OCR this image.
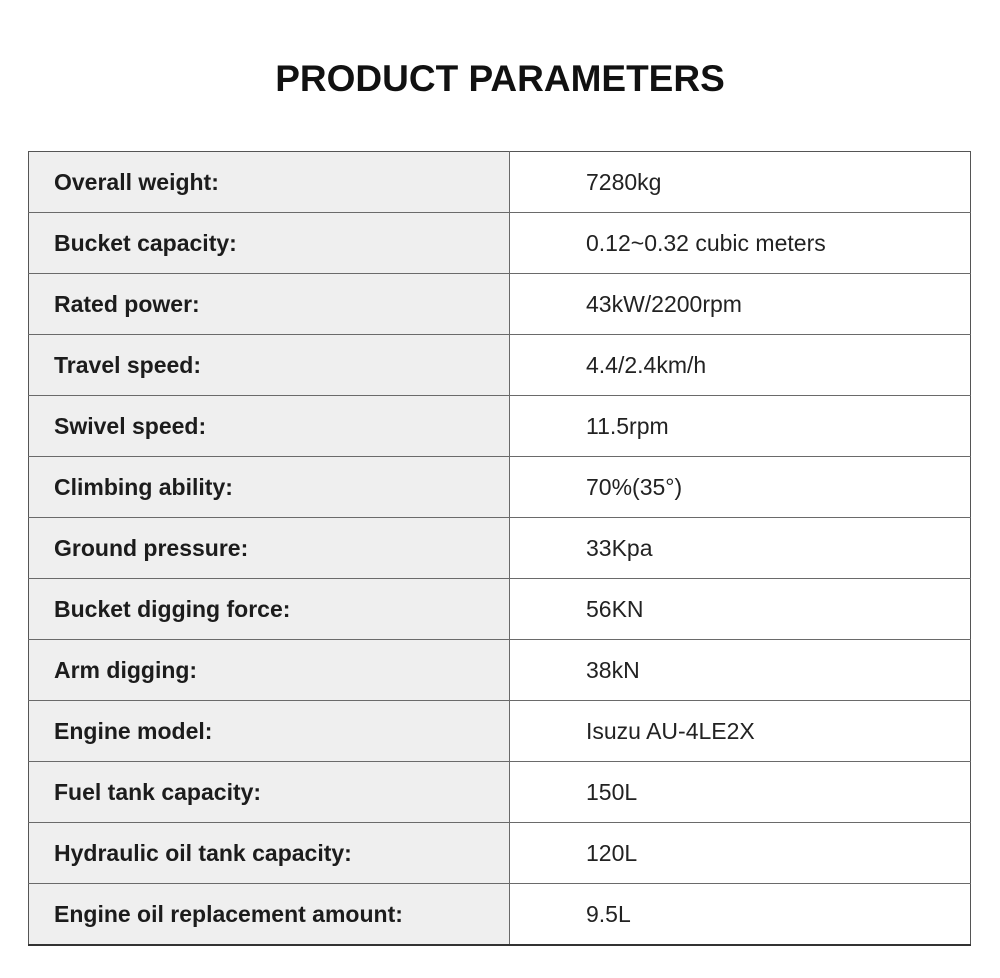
PRODUCT PARAMETERS
Overall weight:	7280kg
Bucket capacity:	0.12~0.32 cubic meters
Rated power:	43kW/2200rpm
Travel speed:	4.4/2.4km/h
Swivel speed:	11.5rpm
Climbing ability:	70%(35°)
Ground pressure:	33Kpa
Bucket digging force:	56KN
Arm digging:	38kN
Engine model:	Isuzu AU-4LE2X
Fuel tank capacity:	150L
Hydraulic oil tank capacity:	120L
Engine oil replacement amount:	9.5L
